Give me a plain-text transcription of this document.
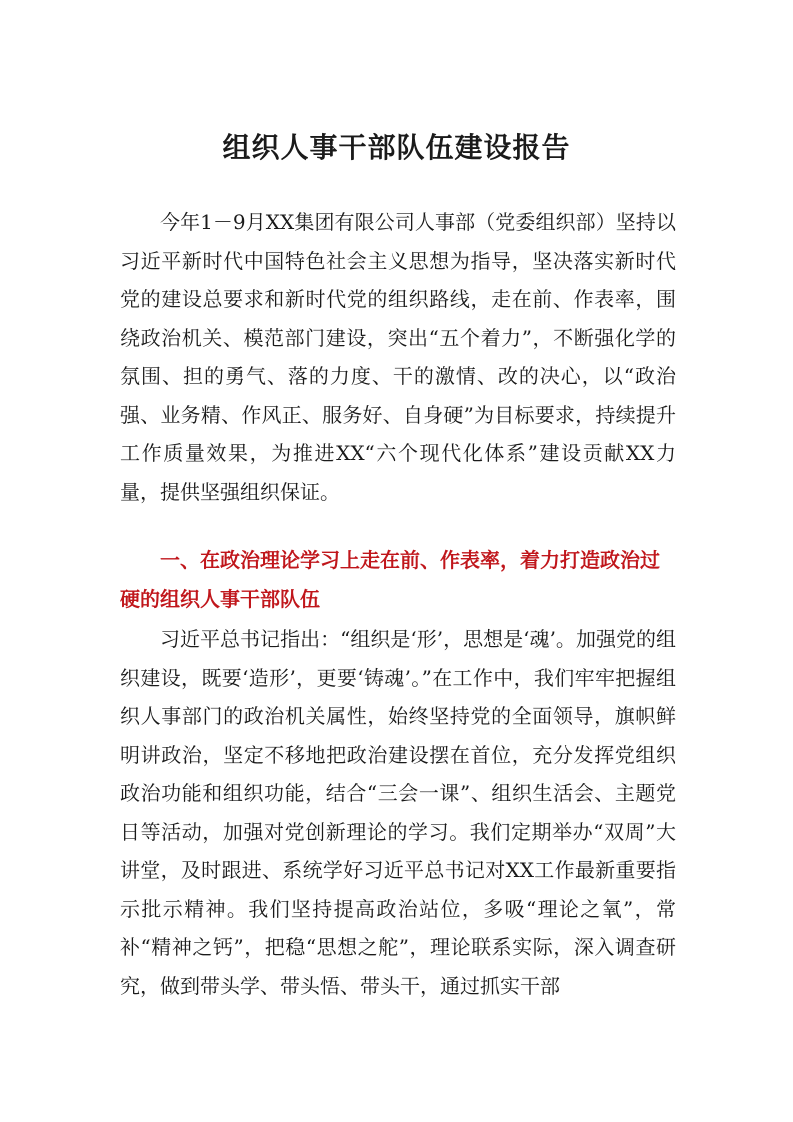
组织人事干部队伍建设报告

今年1－9月XX集团有限公司人事部（党委组织部）坚持以习近平新时代中国特色社会主义思想为指导，坚决落实新时代党的建设总要求和新时代党的组织路线，走在前、作表率，围绕政治机关、模范部门建设，突出“五个着力”，不断强化学的氛围、担的勇气、落的力度、干的激情、改的决心，以“政治强、业务精、作风正、服务好、自身硬”为目标要求，持续提升工作质量效果，为推进XX“六个现代化体系”建设贡献XX力量，提供坚强组织保证。

一、在政治理论学习上走在前、作表率，着力打造政治过硬的组织人事干部队伍

习近平总书记指出：“组织是‘形’，思想是‘魂’。加强党的组织建设，既要‘造形’，更要‘铸魂’。”在工作中，我们牢牢把握组织人事部门的政治机关属性，始终坚持党的全面领导，旗帜鲜明讲政治，坚定不移地把政治建设摆在首位，充分发挥党组织政治功能和组织功能，结合“三会一课”、组织生活会、主题党日等活动，加强对党创新理论的学习。我们定期举办“双周”大讲堂，及时跟进、系统学好习近平总书记对XX工作最新重要指示批示精神。我们坚持提高政治站位，多吸“理论之氧”，常补“精神之钙”，把稳“思想之舵”，理论联系实际，深入调查研究，做到带头学、带头悟、带头干，通过抓实干部
